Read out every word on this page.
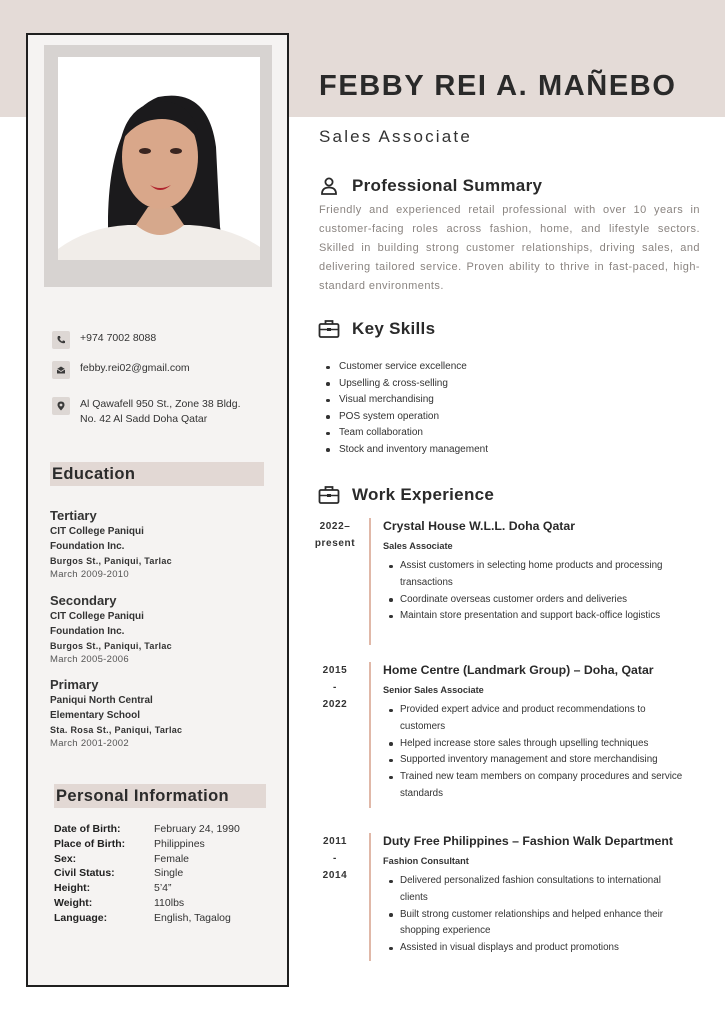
+974 7002 8088
febby.rei02@gmail.com
Al Qawafell 950 St., Zone 38 Bldg.
No. 42 Al Sadd Doha Qatar
Education
Tertiary
CIT College Paniqui
Foundation Inc.
Burgos St., Paniqui, Tarlac
March 2009-2010
Secondary
CIT College Paniqui
Foundation Inc.
Burgos St., Paniqui, Tarlac
March 2005-2006
Primary
Paniqui North Central
Elementary School
Sta. Rosa St., Paniqui, Tarlac
March 2001-2002
Personal Information
Date of Birth:	February 24, 1990
Place of Birth:	Philippines
Sex:	Female
Civil Status:	Single
Height:	5’4”
Weight:	110lbs
Language:	English, Tagalog
FEBBY REI A. MAÑEBO
Sales Associate
Professional Summary
Friendly and experienced retail professional with over 10 years in customer-facing roles across fashion, home, and lifestyle sectors. Skilled in building strong customer relationships, driving sales, and delivering tailored service. Proven ability to thrive in fast-paced, high-standard environments.
Key Skills
Customer service excellence
Upselling & cross-selling
Visual merchandising
POS system operation
Team collaboration
Stock and inventory management
Work Experience
2022–
present
Crystal House W.L.L. Doha Qatar
Sales Associate
Assist customers in selecting home products and processing transactions
Coordinate overseas customer orders and deliveries
Maintain store presentation and support back-office logistics
2015
-
2022
Home Centre (Landmark Group) – Doha, Qatar
Senior Sales Associate
Provided expert advice and product recommendations to customers
Helped increase store sales through upselling techniques
Supported inventory management and store merchandising
Trained new team members on company procedures and service standards
2011
-
2014
Duty Free Philippines – Fashion Walk Department
Fashion Consultant
Delivered personalized fashion consultations to international clients
Built strong customer relationships and helped enhance their shopping experience
Assisted in visual displays and product promotions
